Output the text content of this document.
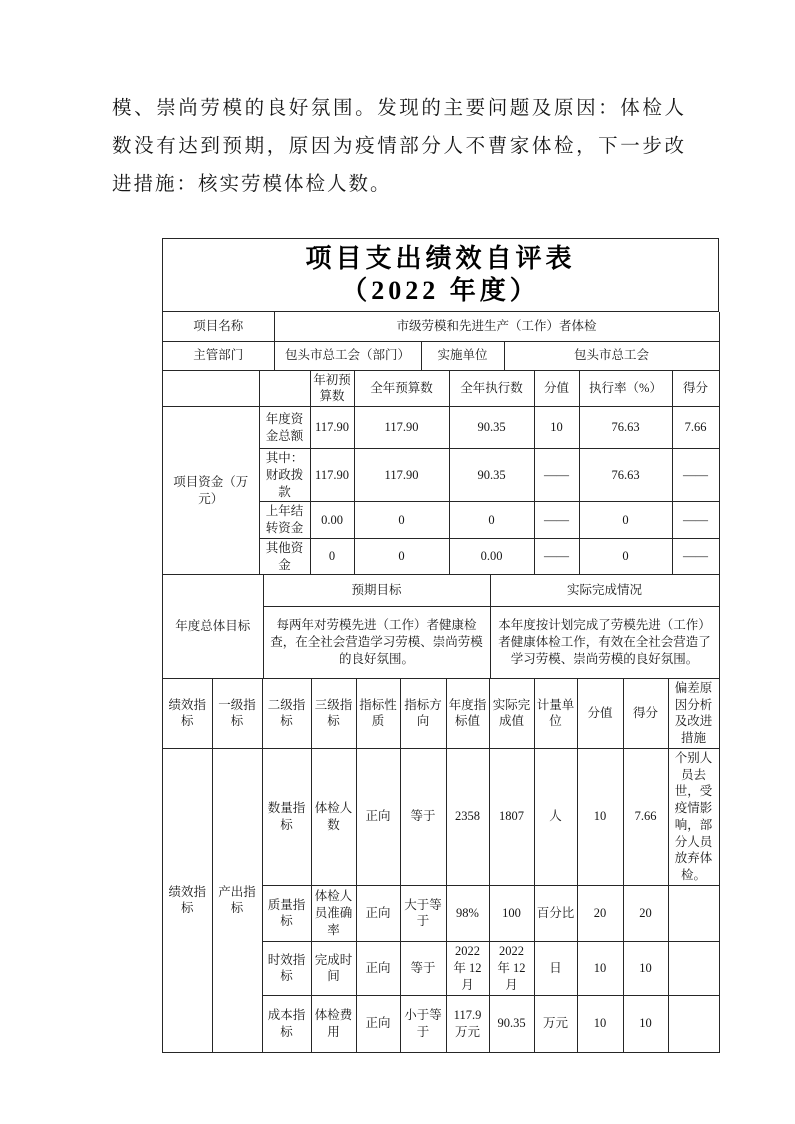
模、崇尚劳模的良好氛围。发现的主要问题及原因：体检人
数没有达到预期，原因为疫情部分人不曹家体检，下一步改
进措施：核实劳模体检人数。
项目支出绩效自评表
（2022 年度）
项目名称	市级劳模和先进生产（工作）者体检
主管部门	包头市总工会（部门）	实施单位	包头市总工会
		年初预算数	全年预算数	全年执行数	分值	执行率（%）	得分
项目资金（万元）	年度资金总额	117.90	117.90	90.35	10	76.63	7.66
	其中：财政拨款	117.90	117.90	90.35	——	76.63	——
	上年结转资金	0.00	0	0	——	0	——
	其他资金	0	0	0.00	——	0	——
年度总体目标	预期目标	实际完成情况
	每两年对劳模先进（工作）者健康检查，在全社会营造学习劳模、崇尚劳模的良好氛围。	本年度按计划完成了劳模先进（工作）者健康体检工作，有效在全社会营造了学习劳模、崇尚劳模的良好氛围。
绩效指标	一级指标	二级指标	三级指标	指标性质	指标方向	年度指标值	实际完成值	计量单位	分值	得分	偏差原因分析及改进措施
绩效指标	产出指标	数量指标	体检人数	正向	等于	2358	1807	人	10	7.66	个别人员去世，受疫情影响，部分人员放弃体检。
		质量指标	体检人员准确率	正向	大于等于	98%	100	百分比	20	20	
		时效指标	完成时间	正向	等于	2022 年 12 月	2022 年 12 月	日	10	10	
		成本指标	体检费用	正向	小于等于	117.9 万元	90.35	万元	10	10	
